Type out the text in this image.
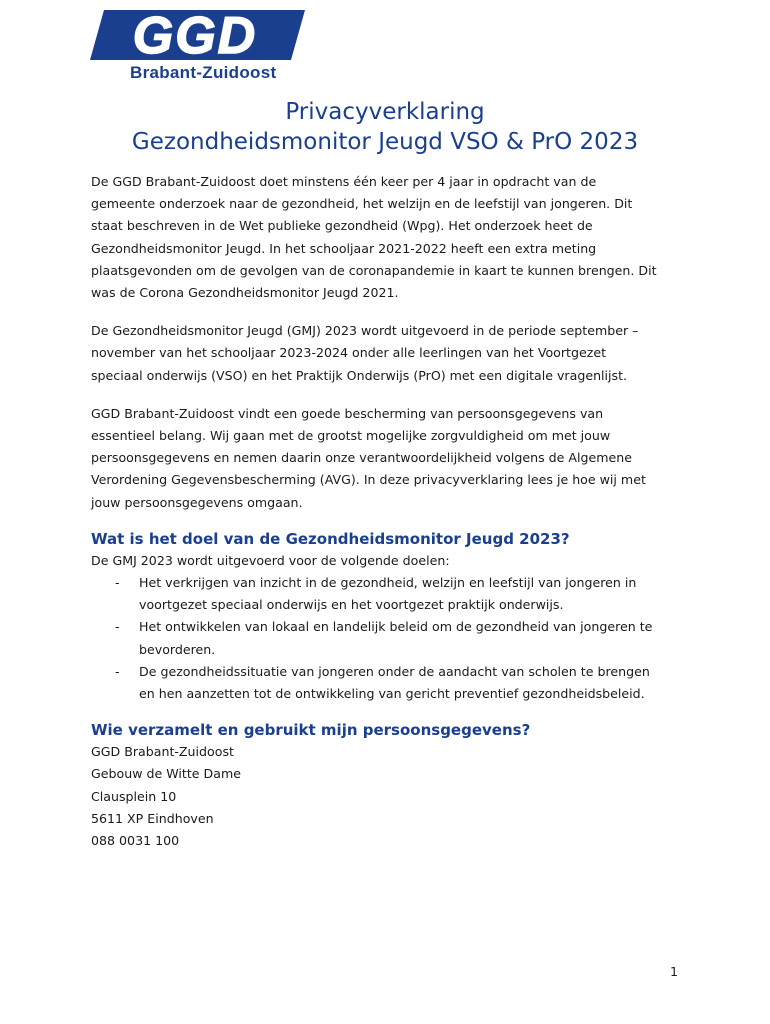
GGD
Brabant-Zuidoost
Privacyverklaring
Gezondheidsmonitor Jeugd VSO & PrO 2023

De GGD Brabant-Zuidoost doet minstens één keer per 4 jaar in opdracht van de
gemeente onderzoek naar de gezondheid, het welzijn en de leefstijl van jongeren. Dit
staat beschreven in de Wet publieke gezondheid (Wpg). Het onderzoek heet de
Gezondheidsmonitor Jeugd. In het schooljaar 2021-2022 heeft een extra meting
plaatsgevonden om de gevolgen van de coronapandemie in kaart te kunnen brengen. Dit
was de Corona Gezondheidsmonitor Jeugd 2021.

De Gezondheidsmonitor Jeugd (GMJ) 2023 wordt uitgevoerd in de periode september –
november van het schooljaar 2023-2024 onder alle leerlingen van het Voortgezet
speciaal onderwijs (VSO) en het Praktijk Onderwijs (PrO) met een digitale vragenlijst.

GGD Brabant-Zuidoost vindt een goede bescherming van persoonsgegevens van
essentieel belang. Wij gaan met de grootst mogelijke zorgvuldigheid om met jouw
persoonsgegevens en nemen daarin onze verantwoordelijkheid volgens de Algemene
Verordening Gegevensbescherming (AVG). In deze privacyverklaring lees je hoe wij met
jouw persoonsgegevens omgaan.

Wat is het doel van de Gezondheidsmonitor Jeugd 2023?

De GMJ 2023 wordt uitgevoerd voor de volgende doelen:

- Het verkrijgen van inzicht in de gezondheid, welzijn en leefstijl van jongeren in
voortgezet speciaal onderwijs en het voortgezet praktijk onderwijs.
- Het ontwikkelen van lokaal en landelijk beleid om de gezondheid van jongeren te
bevorderen.
- De gezondheidssituatie van jongeren onder de aandacht van scholen te brengen
en hen aanzetten tot de ontwikkeling van gericht preventief gezondheidsbeleid.
Wie verzamelt en gebruikt mijn persoonsgegevens?
GGD Brabant-Zuidoost
Gebouw de Witte Dame
Clausplein 10
5611 XP Eindhoven
088 0031 100
1
